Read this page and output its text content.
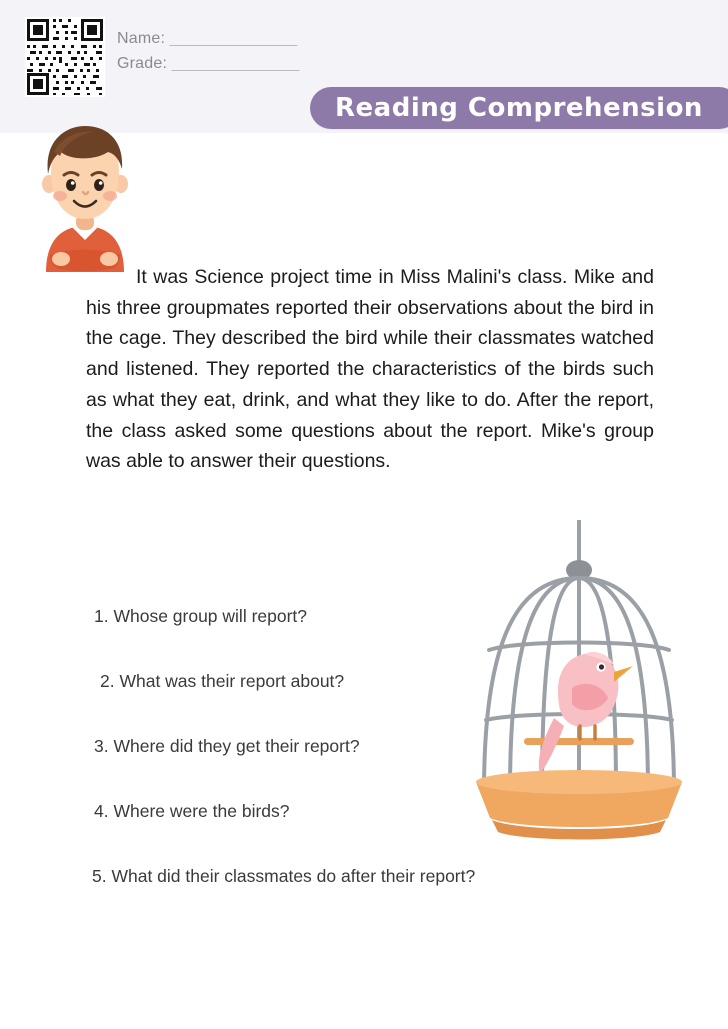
Name: ________________
Grade: ________________
Reading Comprehension
It was Science project time in Miss Malini's class. Mike and his three groupmates reported their observations about the bird in the cage. They described the bird while their classmates watched and listened. They reported the characteristics of the birds such as what they eat, drink, and what they like to do. After the report, the class asked some questions about the report. Mike's group was able to answer their questions.
1. Whose group will report?
2. What was their report about?
3. Where did they get their report?
4. Where were the birds?
5. What did their classmates do after their report?
